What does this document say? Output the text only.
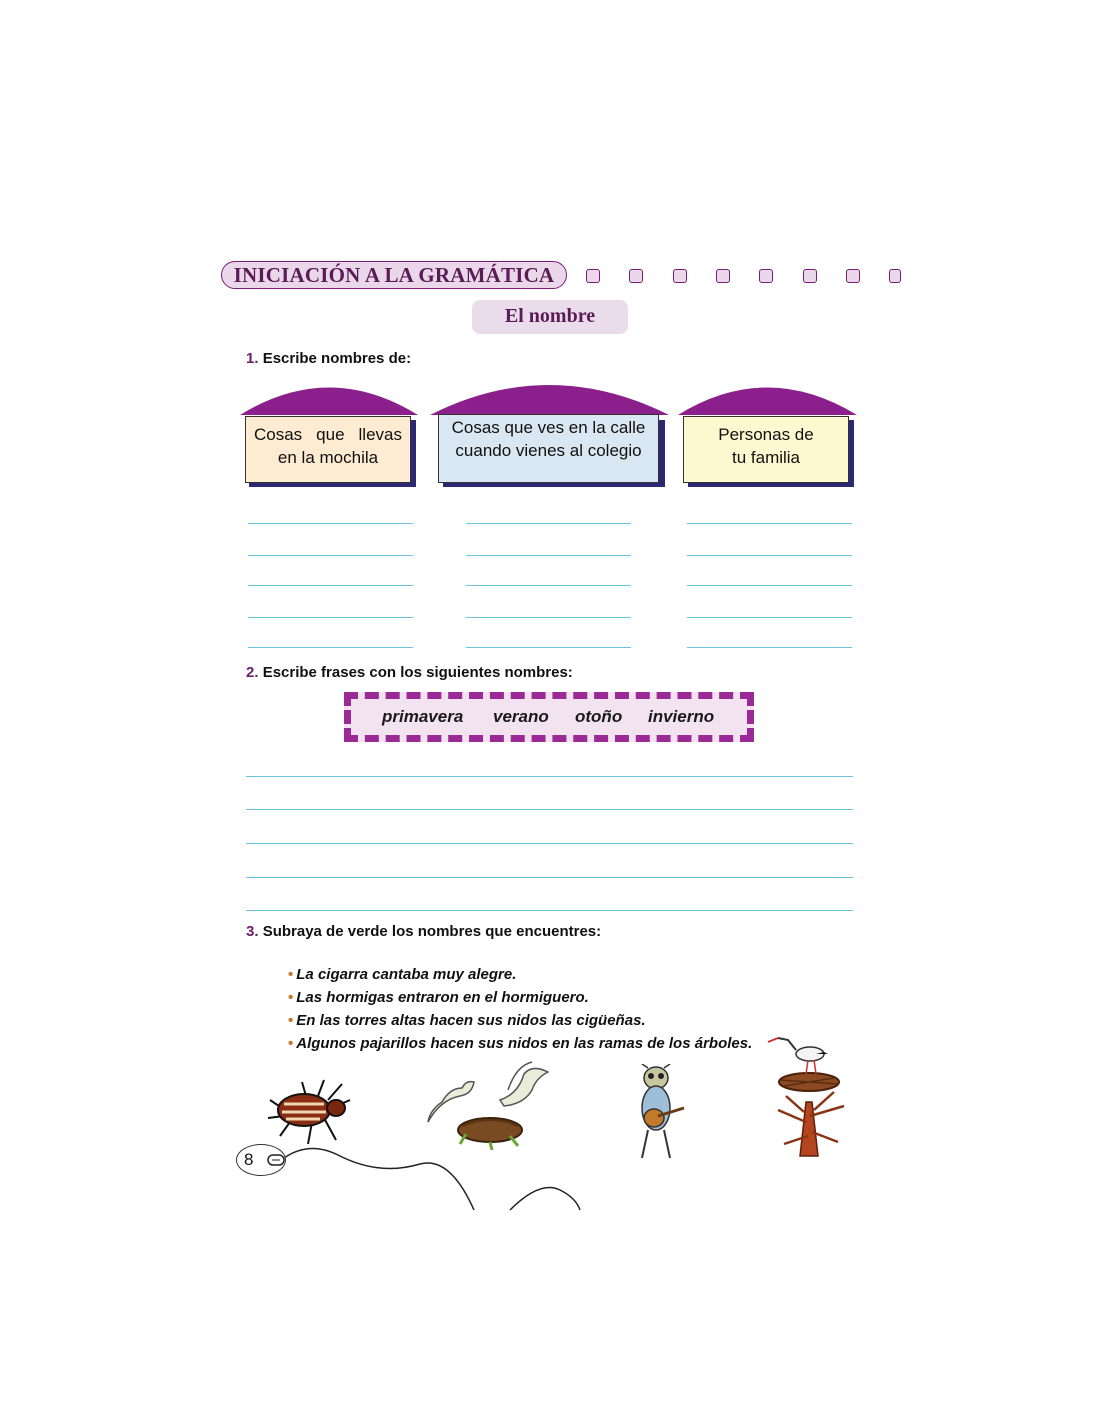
INICIACIÓN A LA GRAMÁTICA
El nombre
1. Escribe nombres de:
Cosas que llevas en la mochila
Cosas que ves en la calle cuando vienes al colegio
Personas de tu familia
2. Escribe frases con los siguientes nombres:
primavera verano otoño invierno
3. Subraya de verde los nombres que encuentres:
• La cigarra cantaba muy alegre.
• Las hormigas entraron en el hormiguero.
• En las torres altas hacen sus nidos las cigüeñas.
• Algunos pajarillos hacen sus nidos en las ramas de los árboles.
8
